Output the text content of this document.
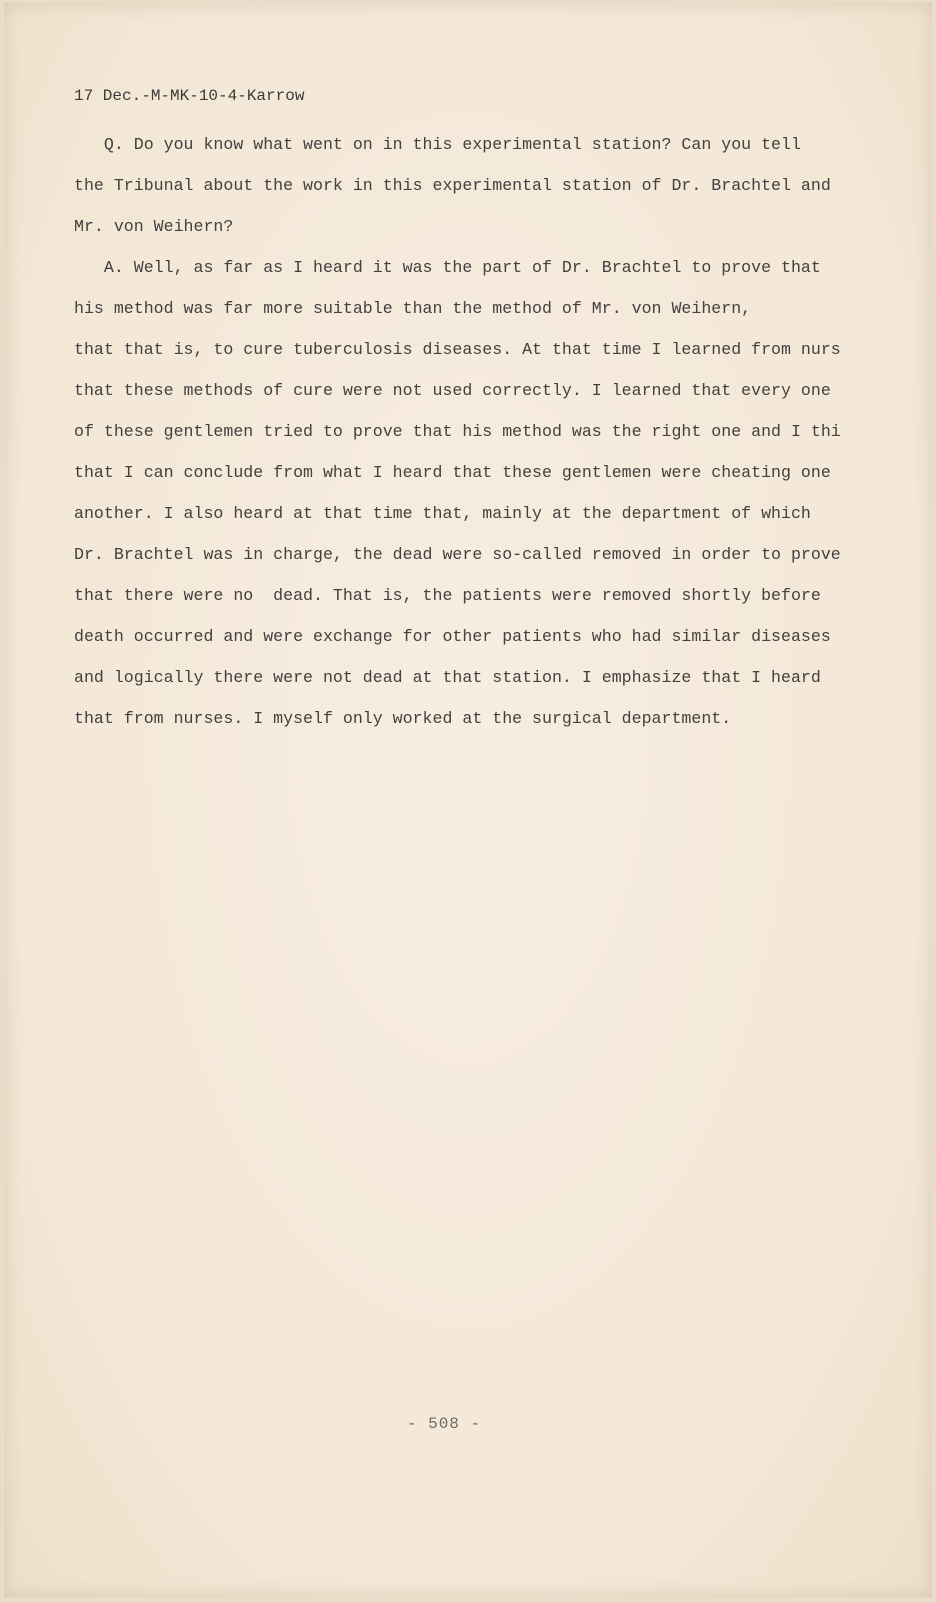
17 Dec.-M-MK-10-4-Karrow
Q. Do you know what went on in this experimental station? Can you tell
the Tribunal about the work in this experimental station of Dr. Brachtel and
Mr. von Weihern?
A. Well, as far as I heard it was the part of Dr. Brachtel to prove that
his method was far more suitable than the method of Mr. von Weihern,
that that is, to cure tuberculosis diseases. At that time I learned from nurs
that these methods of cure were not used correctly. I learned that every one
of these gentlemen tried to prove that his method was the right one and I thi
that I can conclude from what I heard that these gentlemen were cheating one
another. I also heard at that time that, mainly at the department of which
Dr. Brachtel was in charge, the dead were so-called removed in order to prove
that there were no  dead. That is, the patients were removed shortly before
death occurred and were exchange for other patients who had similar diseases
and logically there were not dead at that station. I emphasize that I heard
that from nurses. I myself only worked at the surgical department.
- 508 -
